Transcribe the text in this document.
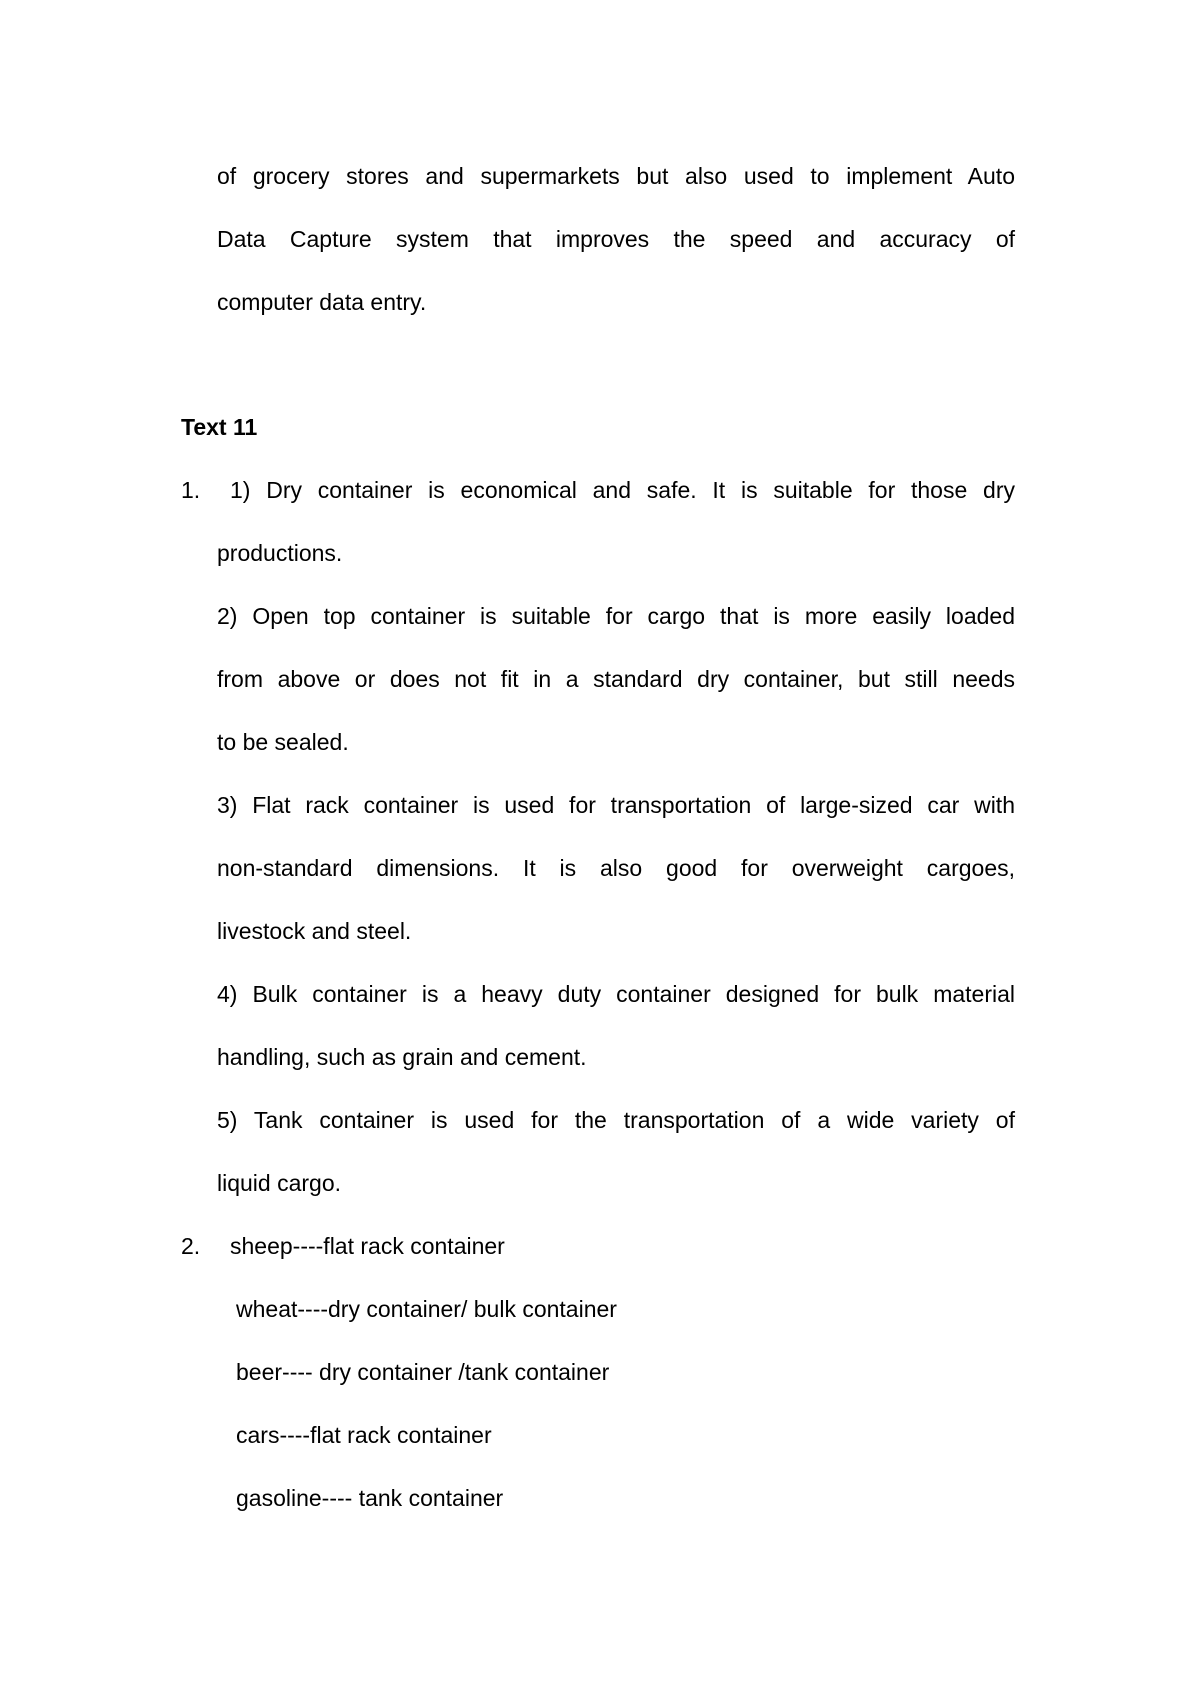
of grocery stores and supermarkets but also used to implement Auto
Data Capture system that improves the speed and accuracy of
computer data entry.
Text 11
1. 1) Dry container is economical and safe. It is suitable for those dry
productions.
2) Open top container is suitable for cargo that is more easily loaded
from above or does not fit in a standard dry container, but still needs
to be sealed.
3) Flat rack container is used for transportation of large-sized car with
non-standard dimensions. It is also good for overweight cargoes,
livestock and steel.
4) Bulk container is a heavy duty container designed for bulk material
handling, such as grain and cement.
5) Tank container is used for the transportation of a wide variety of
liquid cargo.
2. sheep----flat rack container
wheat----dry container/ bulk container
beer---- dry container /tank container
cars----flat rack container
gasoline---- tank container
